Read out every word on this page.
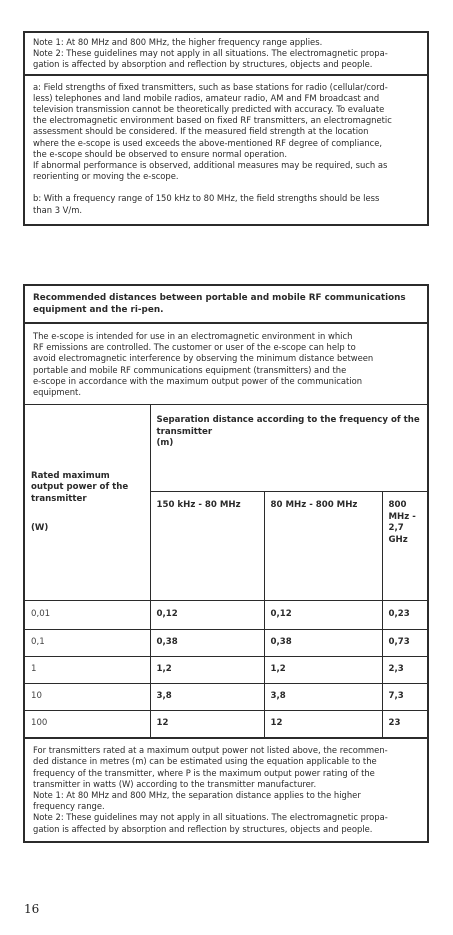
Note 1: At 80 MHz and 800 MHz, the higher frequency range applies.
Note 2: These guidelines may not apply in all situations. The electromagnetic propa-
gation is affected by absorption and reflection by structures, objects and people.
a: Field strengths of fixed transmitters, such as base stations for radio (cellular/cord-
less) telephones and land mobile radios, amateur radio, AM and FM broadcast and
television transmission cannot be theoretically predicted with accuracy. To evaluate
the electromagnetic environment based on fixed RF transmitters, an electromagnetic
assessment should be considered. If the measured field strength at the location
where the e-scope is used exceeds the above-mentioned RF degree of compliance,
the e-scope should be observed to ensure normal operation.
If abnormal performance is observed, additional measures may be required, such as
reorienting or moving the e-scope.
b: With a frequency range of 150 kHz to 80 MHz, the field strengths should be less
than 3 V/m.
Recommended distances between portable and mobile RF communications
equipment and the ri-pen.
The e-scope is intended for use in an electromagnetic environment in which
RF emissions are controlled. The customer or user of the e-scope can help to
avoid electromagnetic interference by observing the minimum distance between
portable and mobile RF communications equipment (transmitters) and the
e-scope in accordance with the maximum output power of the communication
equipment.
Rated maximum
output power of the
transmitter
(W)	Separation distance according to the frequency of the
transmitter
(m)		

	150 kHz - 80 MHz	80 MHz - 800 MHz	800
MHz -
2,7
GHz

0,01	0,12	0,12	0,23
0,1	0,38	0,38	0,73
1	1,2	1,2	2,3
10	3,8	3,8	7,3
100	12	12	23
For transmitters rated at a maximum output power not listed above, the recommen-
ded distance in metres (m) can be estimated using the equation applicable to the
frequency of the transmitter, where P is the maximum output power rating of the
transmitter in watts (W) according to the transmitter manufacturer.
Note 1: At 80 MHz and 800 MHz, the separation distance applies to the higher
frequency range.
Note 2: These guidelines may not apply in all situations. The electromagnetic propa-
gation is affected by absorption and reflection by structures, objects and people.
16
